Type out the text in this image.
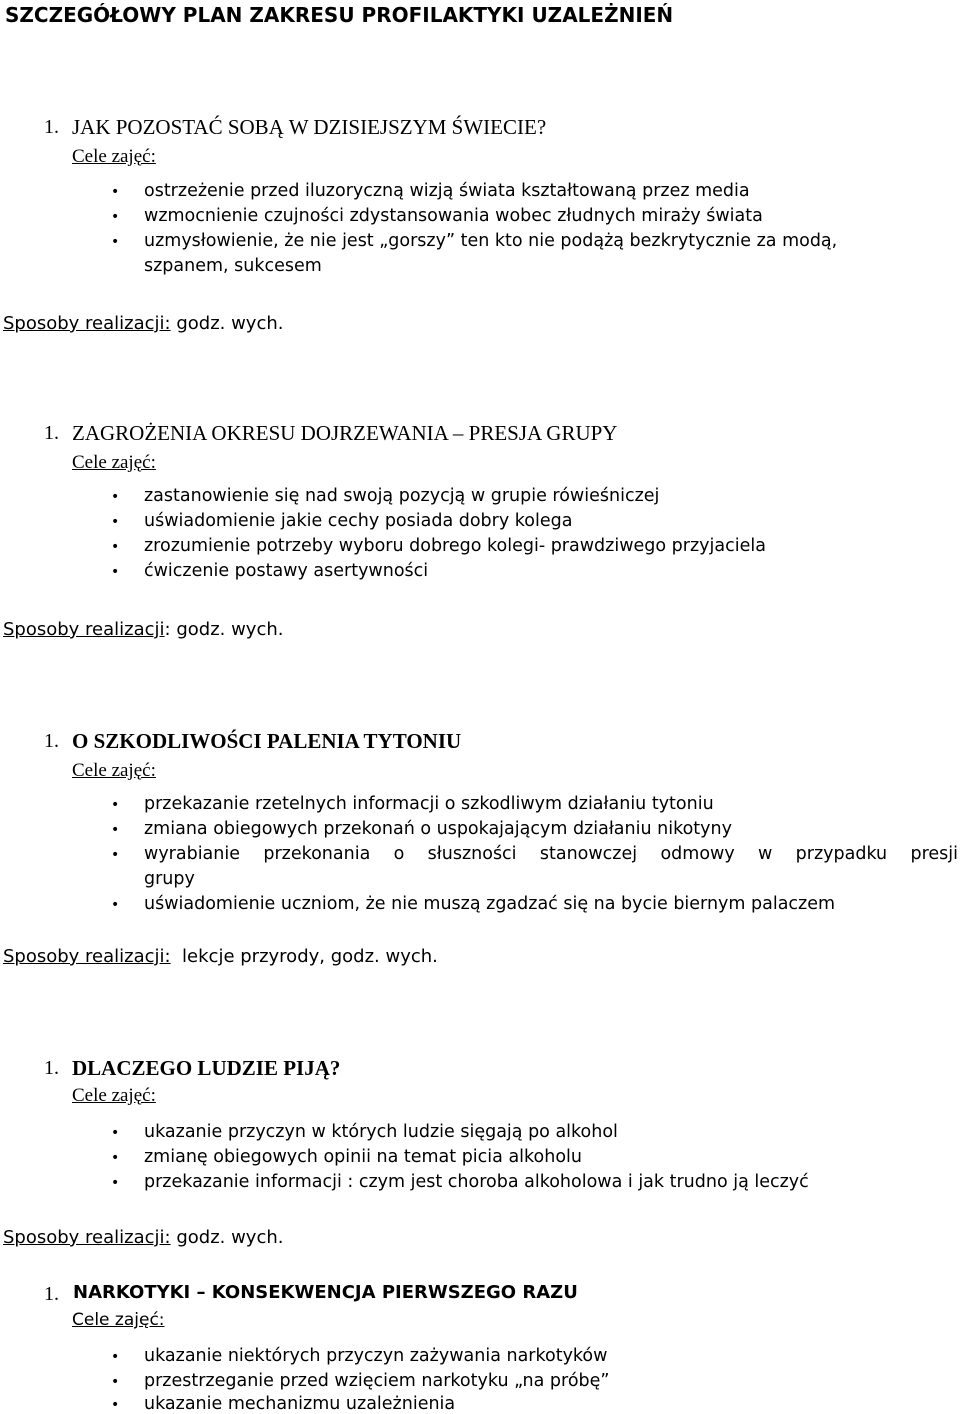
SZCZEGÓŁOWY PLAN ZAKRESU PROFILAKTYKI UZALEŻNIEŃ
1. JAK POZOSTAĆ SOBĄ W DZISIEJSZYM ŚWIECIE?
Cele zajęć:
• ostrzeżenie przed iluzoryczną wizją świata kształtowaną przez media
• wzmocnienie czujności zdystansowania wobec złudnych miraży świata
• uzmysłowienie, że nie jest „gorszy” ten kto nie podążą bezkrytycznie za modą,
szpanem, sukcesem
Sposoby realizacji: godz. wych.
1. ZAGROŻENIA OKRESU DOJRZEWANIA – PRESJA GRUPY
Cele zajęć:
• zastanowienie się nad swoją pozycją w grupie rówieśniczej
• uświadomienie jakie cechy posiada dobry kolega
• zrozumienie potrzeby wyboru dobrego kolegi- prawdziwego przyjaciela
• ćwiczenie postawy asertywności
Sposoby realizacji: godz. wych.
1. O SZKODLIWOŚCI PALENIA TYTONIU
Cele zajęć:
• przekazanie rzetelnych informacji o szkodliwym działaniu tytoniu
• zmiana obiegowych przekonań o uspokajającym działaniu nikotyny
• wyrabianie przekonania o słuszności stanowczej odmowy w przypadku presji
grupy
• uświadomienie uczniom, że nie muszą zgadzać się na bycie biernym palaczem
Sposoby realizacji:  lekcje przyrody, godz. wych.
1. DLACZEGO LUDZIE PIJĄ?
Cele zajęć:
• ukazanie przyczyn w których ludzie sięgają po alkohol
• zmianę obiegowych opinii na temat picia alkoholu
• przekazanie informacji : czym jest choroba alkoholowa i jak trudno ją leczyć
Sposoby realizacji: godz. wych.
1. NARKOTYKI – KONSEKWENCJA PIERWSZEGO RAZU
Cele zajęć:
• ukazanie niektórych przyczyn zażywania narkotyków
• przestrzeganie przed wzięciem narkotyku „na próbę”
• ukazanie mechanizmu uzależnienia
